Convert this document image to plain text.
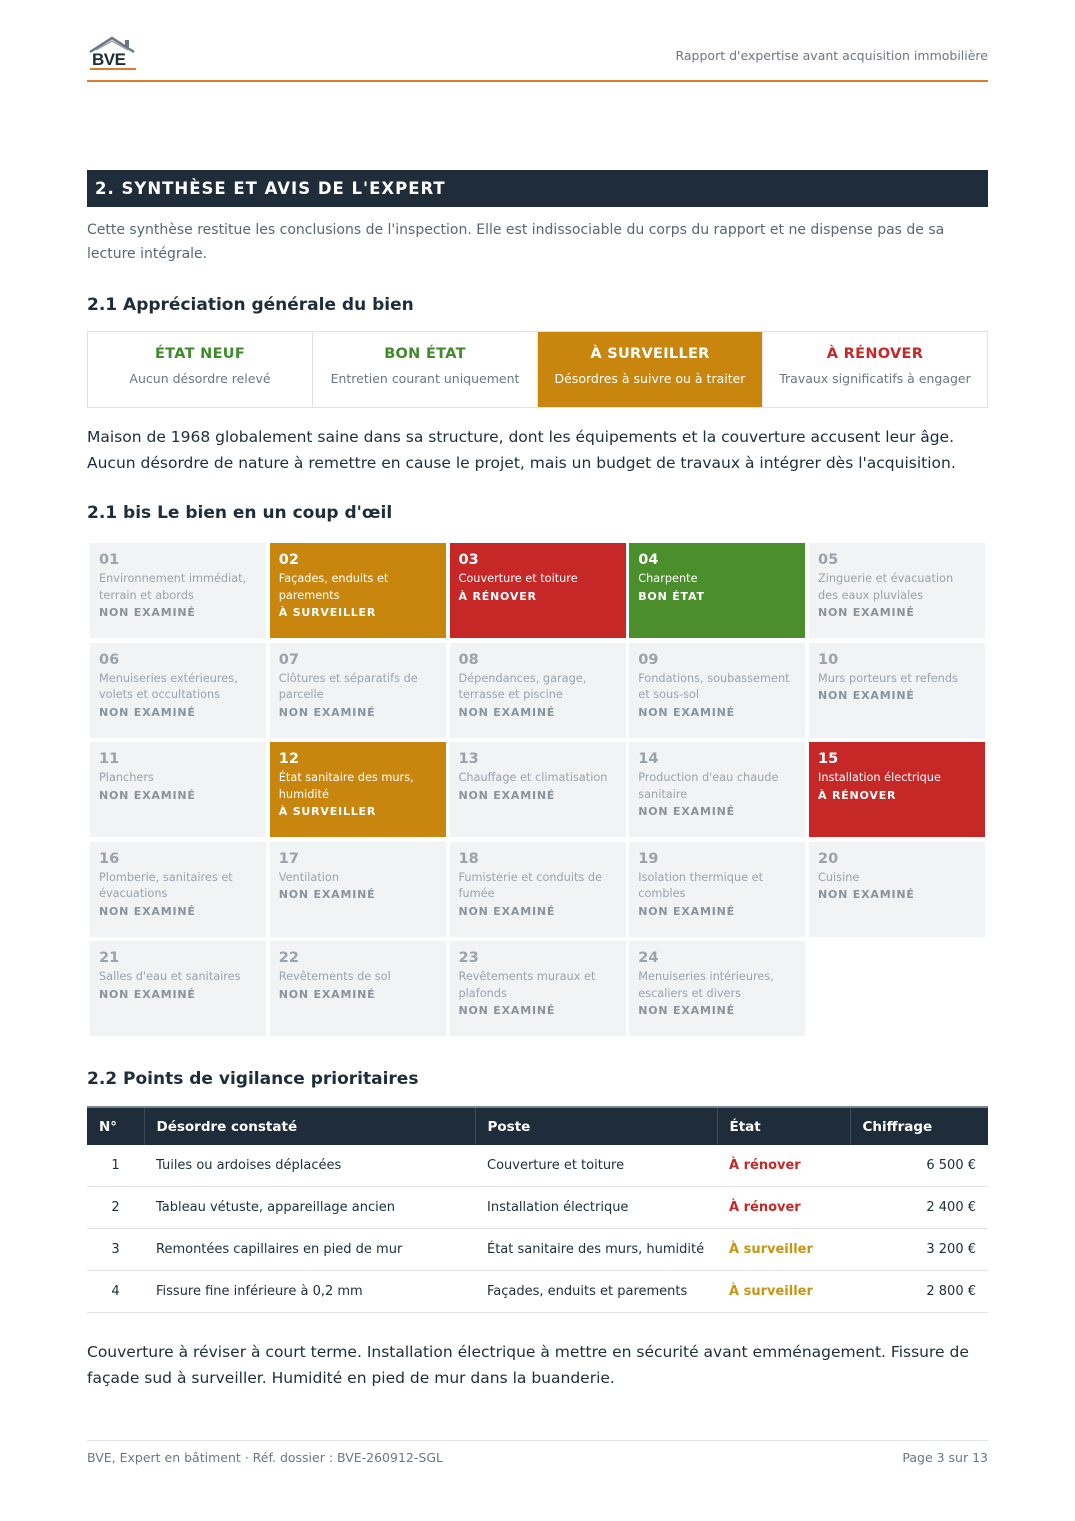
BVE	Rapport d'expertise avant acquisition immobilière
2. SYNTHÈSE ET AVIS DE L'EXPERT
Cette synthèse restitue les conclusions de l'inspection. Elle est indissociable du corps du rapport et ne dispense pas de sa lecture intégrale.
2.1 Appréciation générale du bien
ÉTAT NEUF
Aucun désordre relevé
BON ÉTAT
Entretien courant uniquement
À SURVEILLER
Désordres à suivre ou à traiter
À RÉNOVER
Travaux significatifs à engager
Maison de 1968 globalement saine dans sa structure, dont les équipements et la couverture accusent leur âge. Aucun désordre de nature à remettre en cause le projet, mais un budget de travaux à intégrer dès l'acquisition.
2.1 bis Le bien en un coup d'œil
01
Environnement immédiat, terrain et abords
NON EXAMINÉ
02
Façades, enduits et parements
À SURVEILLER
03
Couverture et toiture
À RÉNOVER
04
Charpente
BON ÉTAT
05
Zinguerie et évacuation des eaux pluviales
NON EXAMINÉ
06
Menuiseries extérieures, volets et occultations
NON EXAMINÉ
07
Clôtures et séparatifs de parcelle
NON EXAMINÉ
08
Dépendances, garage, terrasse et piscine
NON EXAMINÉ
09
Fondations, soubassement et sous-sol
NON EXAMINÉ
10
Murs porteurs et refends
NON EXAMINÉ
11
Planchers
NON EXAMINÉ
12
État sanitaire des murs, humidité
À SURVEILLER
13
Chauffage et climatisation
NON EXAMINÉ
14
Production d'eau chaude sanitaire
NON EXAMINÉ
15
Installation électrique
À RÉNOVER
16
Plomberie, sanitaires et évacuations
NON EXAMINÉ
17
Ventilation
NON EXAMINÉ
18
Fumisterie et conduits de fumée
NON EXAMINÉ
19
Isolation thermique et combles
NON EXAMINÉ
20
Cuisine
NON EXAMINÉ
21
Salles d'eau et sanitaires
NON EXAMINÉ
22
Revêtements de sol
NON EXAMINÉ
23
Revêtements muraux et plafonds
NON EXAMINÉ
24
Menuiseries intérieures, escaliers et divers
NON EXAMINÉ
2.2 Points de vigilance prioritaires
N°	Désordre constaté	Poste	État	Chiffrage
1	Tuiles ou ardoises déplacées	Couverture et toiture	À rénover	6 500 €
2	Tableau vétuste, appareillage ancien	Installation électrique	À rénover	2 400 €
3	Remontées capillaires en pied de mur	État sanitaire des murs, humidité	À surveiller	3 200 €
4	Fissure fine inférieure à 0,2 mm	Façades, enduits et parements	À surveiller	2 800 €
Couverture à réviser à court terme. Installation électrique à mettre en sécurité avant emménagement. Fissure de façade sud à surveiller. Humidité en pied de mur dans la buanderie.
BVE, Expert en bâtiment · Réf. dossier : BVE-260912-SGL	Page 3 sur 13
